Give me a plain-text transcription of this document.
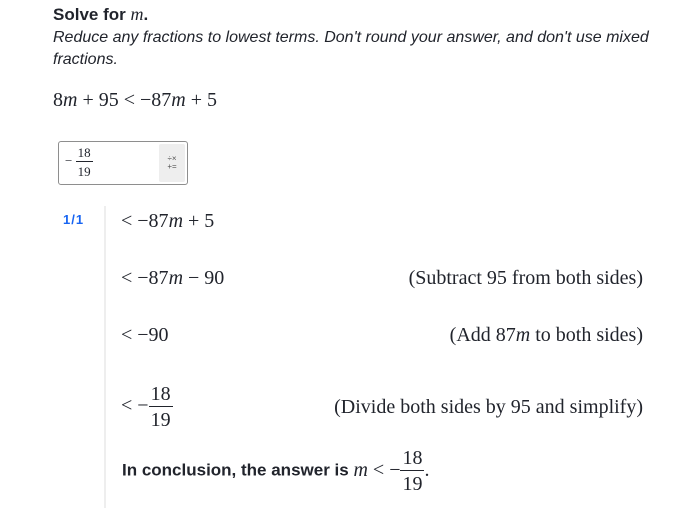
Solve for m.
Reduce any fractions to lowest terms. Don't round your answer, and don't use mixed fractions.
8m + 95 < −87m + 5
− $\frac{18}{19}$	÷×
+=
1/1 < −87m + 5
< −87m − 90	(Subtract 95 from both sides)
< −90	(Add 87m to both sides)
< − $\frac{18}{19}$	(Divide both sides by 95 and simplify)
In conclusion, the answer is m < − $\frac{18}{19}$ .
